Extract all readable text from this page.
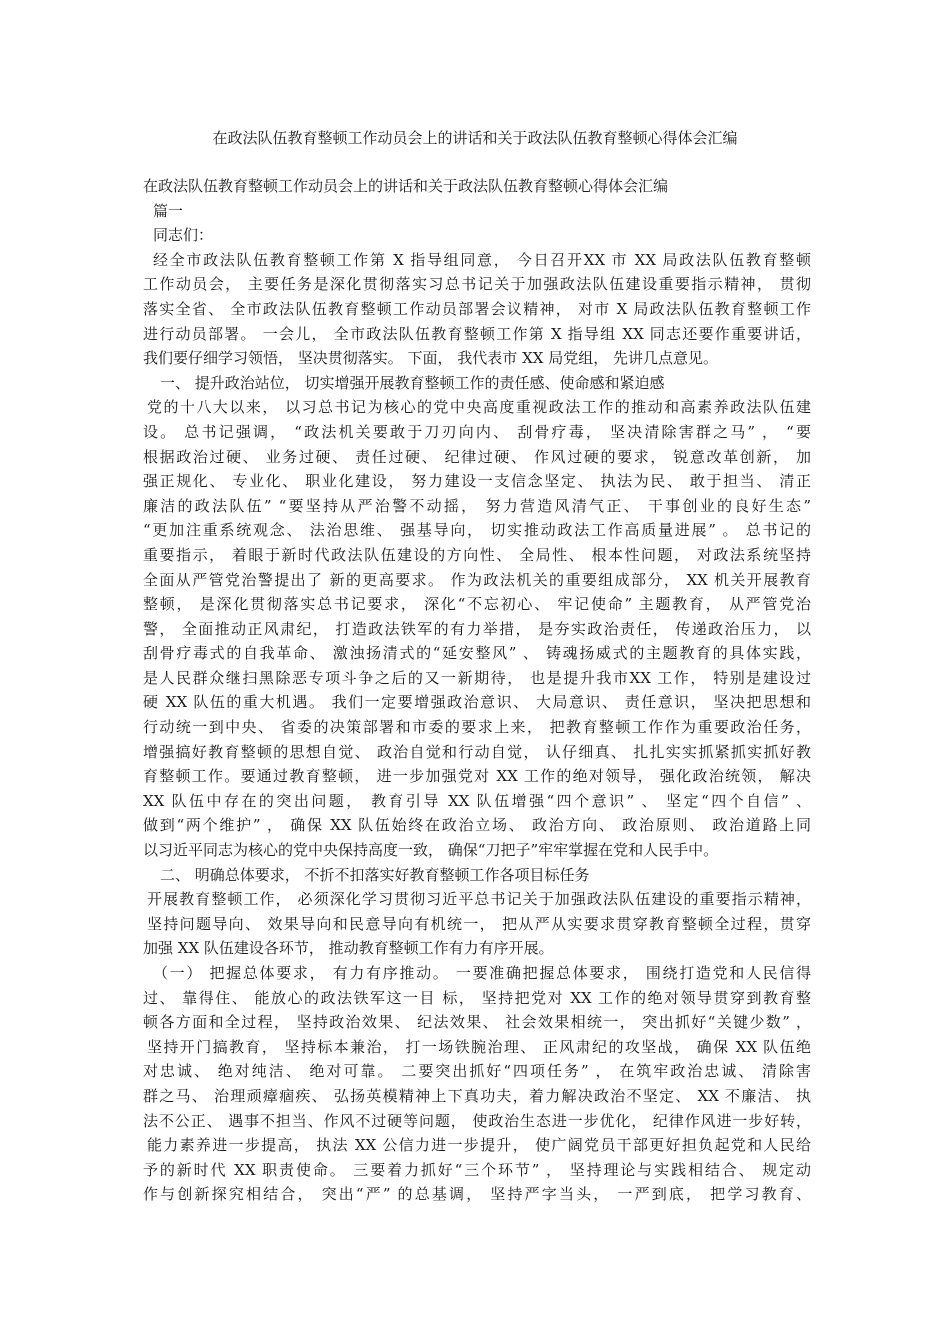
在政法队伍教育整顿工作动员会上的讲话和关于政法队伍教育整顿心得体会汇编
在政法队伍教育整顿工作动员会上的讲话和关于政法队伍教育整顿心得体会汇编
篇一
同志们：
经全市政法队伍教育整顿工作第 X 指导组同意， 今日召开XX 市 XX 局政法队伍教育整顿
工作动员会， 主要任务是深化贯彻落实习总书记关于加强政法队伍建设重要指示精神， 贯彻
落实全省、 全市政法队伍教育整顿工作动员部署会议精神， 对市 X 局政法队伍教育整顿工作
进行动员部署。 一会儿， 全市政法队伍教育整顿工作第 X 指导组 XX 同志还要作重要讲话，
我们要仔细学习领悟， 坚决贯彻落实。 下面， 我代表市 XX 局党组， 先讲几点意见。
一、 提升政治站位， 切实增强开展教育整顿工作的责任感、使命感和紧迫感
党的十八大以来， 以习总书记为核心的党中央高度重视政法工作的推动和高素养政法队伍建
设。 总书记强调， “政法机关要敢于刀刃向内、 刮骨疗毒， 坚决清除害群之马” ， “要
根据政治过硬、 业务过硬、 责任过硬、 纪律过硬、 作风过硬的要求， 锐意改革创新， 加
强正规化、 专业化、 职业化建设， 努力建设一支信念坚定、 执法为民、 敢于担当、 清正
廉洁的政法队伍” “要坚持从严治警不动摇， 努力营造风清气正、 干事创业的良好生态”
“更加注重系统观念、 法治思维、 强基导向， 切实推动政法工作高质量进展” 。 总书记的
重要指示， 着眼于新时代政法队伍建设的方向性、 全局性、 根本性问题， 对政法系统坚持
全面从严管党治警提出了 新的更高要求。 作为政法机关的重要组成部分， XX 机关开展教育
整顿， 是深化贯彻落实总书记要求， 深化“不忘初心、 牢记使命” 主题教育， 从严管党治
警， 全面推动正风肃纪， 打造政法铁军的有力举措， 是夯实政治责任， 传递政治压力， 以
刮骨疗毒式的自我革命、 激浊扬清式的“延安整风” 、 铸魂扬威式的主题教育的具体实践，
是人民群众继扫黑除恶专项斗争之后的又一新期待， 也是提升我市XX 工作， 特别是建设过
硬 XX 队伍的重大机遇。 我们一定要增强政治意识、 大局意识、 责任意识， 坚决把思想和
行动统一到中央、 省委的决策部署和市委的要求上来， 把教育整顿工作作为重要政治任务，
增强搞好教育整顿的思想自觉、 政治自觉和行动自觉， 认仔细真、 扎扎实实抓紧抓实抓好教
育整顿工作。要通过教育整顿， 进一步加强党对 XX 工作的绝对领导， 强化政治统领， 解决
XX 队伍中存在的突出问题， 教育引导 XX 队伍增强“四个意识” 、 坚定“四个自信” 、
做到“两个维护” ， 确保 XX 队伍始终在政治立场、 政治方向、 政治原则、 政治道路上同
以习近平同志为核心的党中央保持高度一致， 确保“刀把子”牢牢掌握在党和人民手中。
二、 明确总体要求， 不折不扣落实好教育整顿工作各项目标任务
开展教育整顿工作， 必须深化学习贯彻习近平总书记关于加强政法队伍建设的重要指示精神，
坚持问题导向、 效果导向和民意导向有机统一， 把从严从实要求贯穿教育整顿全过程，贯穿
加强 XX 队伍建设各环节， 推动教育整顿工作有力有序开展。
（一） 把握总体要求， 有力有序推动。 一要准确把握总体要求， 围绕打造党和人民信得
过、 靠得住、 能放心的政法铁军这一目 标， 坚持把党对 XX 工作的绝对领导贯穿到教育整
顿各方面和全过程， 坚持政治效果、 纪法效果、 社会效果相统一， 突出抓好“关键少数” ，
坚持开门搞教育， 坚持标本兼治， 打一场铁腕治理、 正风肃纪的攻坚战， 确保 XX 队伍绝
对忠诚、 绝对纯洁、 绝对可靠。 二要突出抓好“四项任务” ， 在筑牢政治忠诚、 清除害
群之马、 治理顽瘴痼疾、 弘扬英模精神上下真功夫，着力解决政治不坚定、 XX 不廉洁、 执
法不公正、 遇事不担当、作风不过硬等问题， 使政治生态进一步优化， 纪律作风进一步好转，
能力素养进一步提高， 执法 XX 公信力进一步提升， 使广阔党员干部更好担负起党和人民给
予的新时代 XX 职责使命。 三要着力抓好“三个环节” ， 坚持理论与实践相结合、 规定动
作与创新探究相结合， 突出“严” 的总基调， 坚持严字当头， 一严到底， 把学习教育、
